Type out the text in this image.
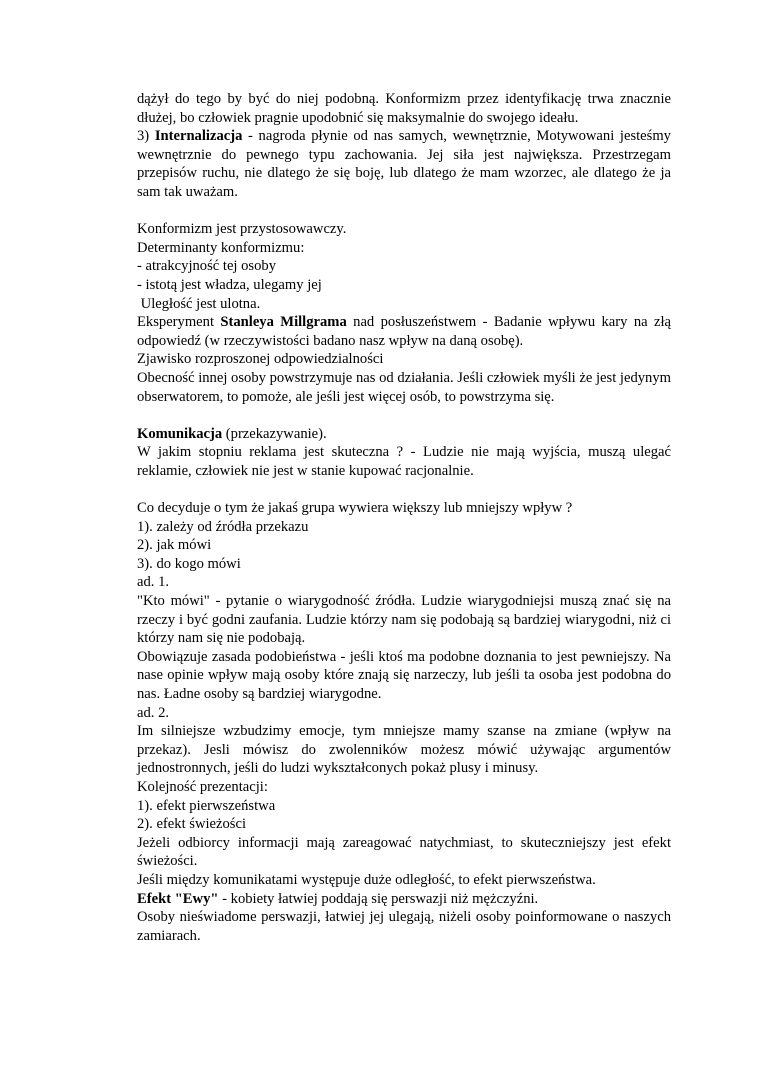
dążył do tego by być do niej podobną. Konformizm przez identyfikację trwa znacznie dłużej, bo człowiek pragnie upodobnić się maksymalnie do swojego ideału.
3) Internalizacja - nagroda płynie od nas samych, wewnętrznie, Motywowani jesteśmy wewnętrznie do pewnego typu zachowania. Jej siła jest największa. Przestrzegam przepisów ruchu, nie dlatego że się boję, lub dlatego że mam wzorzec, ale dlatego że ja sam tak uważam.
Konformizm jest przystosowawczy.
Determinanty konformizmu:
- atrakcyjność tej osoby
- istotą jest władza, ulegamy jej
Uległość jest ulotna.
Eksperyment Stanleya Millgrama nad posłuszeństwem - Badanie wpływu kary na złą odpowiedź (w rzeczywistości badano nasz wpływ na daną osobę).
Zjawisko rozproszonej odpowiedzialności
Obecność innej osoby powstrzymuje nas od działania. Jeśli człowiek myśli że jest jedynym obserwatorem, to pomoże, ale jeśli jest więcej osób, to powstrzyma się.
Komunikacja (przekazywanie).
W jakim stopniu reklama jest skuteczna ? - Ludzie nie mają wyjścia, muszą ulegać reklamie, człowiek nie jest w stanie kupować racjonalnie.
Co decyduje o tym że jakaś grupa wywiera większy lub mniejszy wpływ ?
1). zależy od źródła przekazu
2). jak mówi
3). do kogo mówi
ad. 1.
"Kto mówi" - pytanie o wiarygodność źródła. Ludzie wiarygodniejsi muszą znać się na rzeczy i być godni zaufania. Ludzie którzy nam się podobają są bardziej wiarygodni, niż ci którzy nam się nie podobają.
Obowiązuje zasada podobieństwa - jeśli ktoś ma podobne doznania to jest pewniejszy. Na nase opinie wpływ mają osoby które znają się narzeczy, lub jeśli ta osoba jest podobna do nas. Ładne osoby są bardziej wiarygodne.
ad. 2.
Im silniejsze wzbudzimy emocje, tym mniejsze mamy szanse na zmiane (wpływ na przekaz). Jesli mówisz do zwolenników możesz mówić używając argumentów jednostronnych, jeśli do ludzi wykształconych pokaż plusy i minusy.
Kolejność prezentacji:
1). efekt pierwszeństwa
2). efekt świeżości
Jeżeli odbiorcy informacji mają zareagować natychmiast, to skuteczniejszy jest efekt świeżości.
Jeśli między komunikatami występuje duże odległość, to efekt pierwszeństwa.
Efekt "Ewy" - kobiety łatwiej poddają się perswazji niż mężczyźni.
Osoby nieświadome perswazji, łatwiej jej ulegają, niżeli osoby poinformowane o naszych zamiarach.
